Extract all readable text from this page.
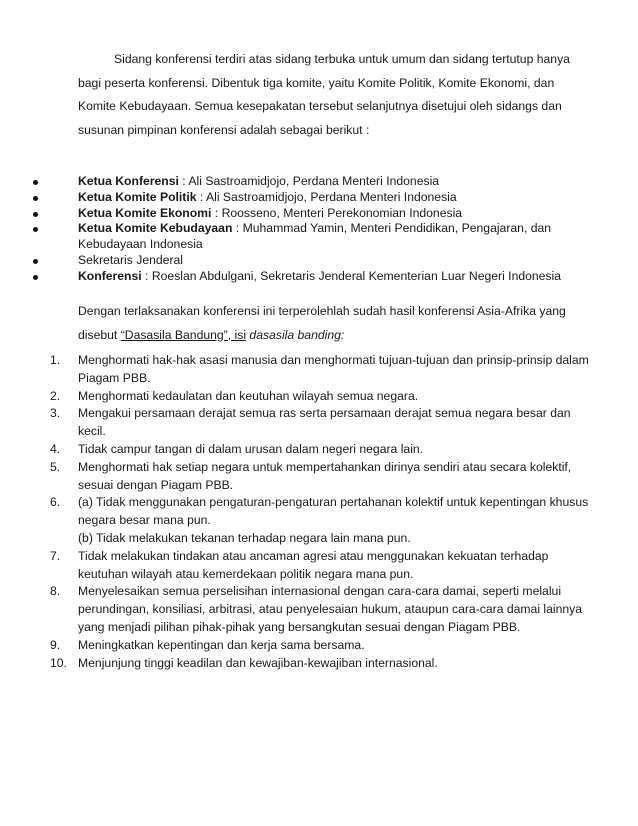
Sidang konferensi terdiri atas sidang terbuka untuk umum dan sidang tertutup hanya bagi peserta konferensi. Dibentuk tiga komite, yaitu Komite Politik, Komite Ekonomi, dan Komite Kebudayaan. Semua kesepakatan tersebut selanjutnya disetujui oleh sidangs dan susunan pimpinan konferensi adalah sebagai berikut :

Ketua Konferensi : Ali Sastroamidjojo, Perdana Menteri Indonesia
Ketua Komite Politik : Ali Sastroamidjojo, Perdana Menteri Indonesia
Ketua Komite Ekonomi : Roosseno, Menteri Perekonomian Indonesia
Ketua Komite Kebudayaan : Muhammad Yamin, Menteri Pendidikan, Pengajaran, dan Kebudayaan Indonesia
Sekretaris Jenderal
Konferensi : Roeslan Abdulgani, Sekretaris Jenderal Kementerian Luar Negeri Indonesia

Dengan terlaksanakan konferensi ini terperolehlah sudah hasil konferensi Asia-Afrika yang disebut “Dasasila Bandung”, isi dasasila banding:

1. Menghormati hak-hak asasi manusia dan menghormati tujuan-tujuan dan prinsip-prinsip dalam Piagam PBB.
2. Menghormati kedaulatan dan keutuhan wilayah semua negara.
3. Mengakui persamaan derajat semua ras serta persamaan derajat semua negara besar dan kecil.
4. Tidak campur tangan di dalam urusan dalam negeri negara lain.
5. Menghormati hak setiap negara untuk mempertahankan dirinya sendiri atau secara kolektif, sesuai dengan Piagam PBB.
6. (a) Tidak menggunakan pengaturan-pengaturan pertahanan kolektif untuk kepentingan khusus negara besar mana pun.
(b) Tidak melakukan tekanan terhadap negara lain mana pun.
7. Tidak melakukan tindakan atau ancaman agresi atau menggunakan kekuatan terhadap keutuhan wilayah atau kemerdekaan politik negara mana pun.
8. Menyelesaikan semua perselisihan internasional dengan cara-cara damai, seperti melalui perundingan, konsiliasi, arbitrasi, atau penyelesaian hukum, ataupun cara-cara damai lainnya yang menjadi pilihan pihak-pihak yang bersangkutan sesuai dengan Piagam PBB.
9. Meningkatkan kepentingan dan kerja sama bersama.
10. Menjunjung tinggi keadilan dan kewajiban-kewajiban internasional.
